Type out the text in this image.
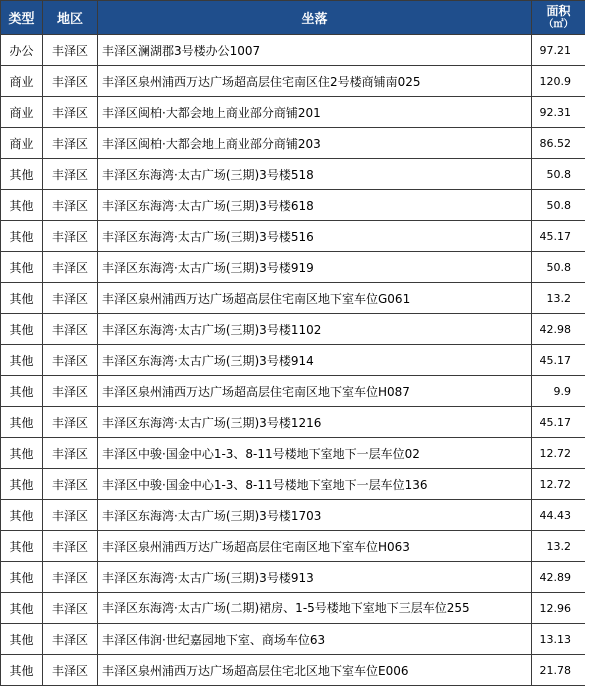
类型	地区	坐落	面积
（㎡）

办公	丰泽区	丰泽区澜湖郡3号楼办公1007	97.21
商业	丰泽区	丰泽区泉州浦西万达广场超高层住宅南区住2号楼商铺南025	120.9
商业	丰泽区	丰泽区闽柏·大都会地上商业部分商铺201	92.31
商业	丰泽区	丰泽区闽柏·大都会地上商业部分商铺203	86.52
其他	丰泽区	丰泽区东海湾·太古广场(三期)3号楼518	50.8
其他	丰泽区	丰泽区东海湾·太古广场(三期)3号楼618	50.8
其他	丰泽区	丰泽区东海湾·太古广场(三期)3号楼516	45.17
其他	丰泽区	丰泽区东海湾·太古广场(三期)3号楼919	50.8
其他	丰泽区	丰泽区泉州浦西万达广场超高层住宅南区地下室车位G061	13.2
其他	丰泽区	丰泽区东海湾·太古广场(三期)3号楼1102	42.98
其他	丰泽区	丰泽区东海湾·太古广场(三期)3号楼914	45.17
其他	丰泽区	丰泽区泉州浦西万达广场超高层住宅南区地下室车位H087	9.9
其他	丰泽区	丰泽区东海湾·太古广场(三期)3号楼1216	45.17
其他	丰泽区	丰泽区中骏·国金中心1-3、8-11号楼地下室地下一层车位02	12.72
其他	丰泽区	丰泽区中骏·国金中心1-3、8-11号楼地下室地下一层车位136	12.72
其他	丰泽区	丰泽区东海湾·太古广场(三期)3号楼1703	44.43
其他	丰泽区	丰泽区泉州浦西万达广场超高层住宅南区地下室车位H063	13.2
其他	丰泽区	丰泽区东海湾·太古广场(三期)3号楼913	42.89
其他	丰泽区	丰泽区东海湾·太古广场(二期)裙房、1-5号楼地下室地下三层车位255	12.96
其他	丰泽区	丰泽区伟润·世纪嘉园地下室、商场车位63	13.13
其他	丰泽区	丰泽区泉州浦西万达广场超高层住宅北区地下室车位E006	21.78
